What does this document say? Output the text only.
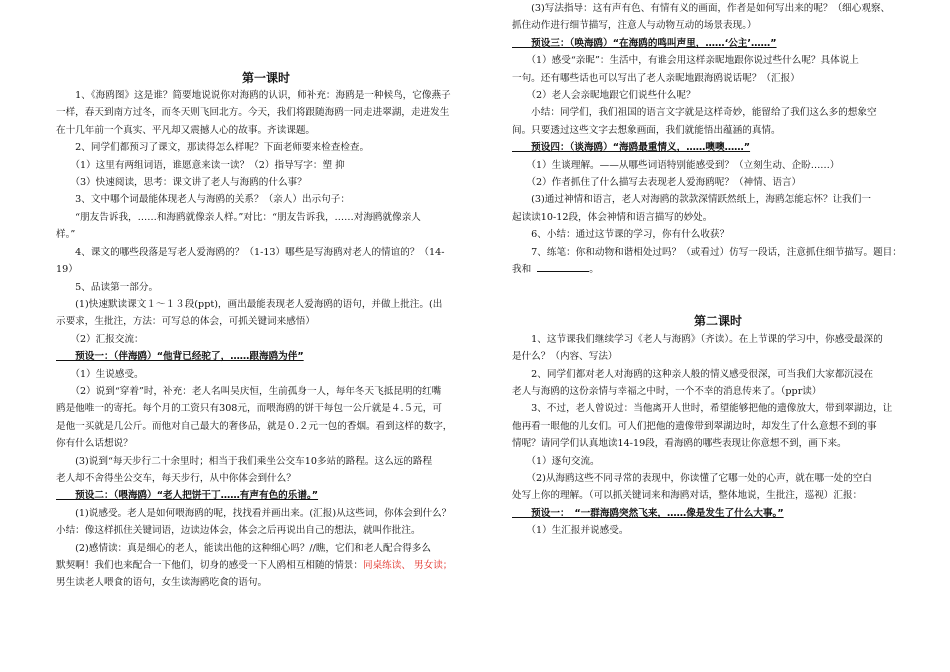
第一课时

　　1、《海鸥图》这是谁？简要地说说你对海鸥的认识，师补充：海鸥是一种候鸟，它像燕子

一样，春天到南方过冬，而冬天则飞回北方。今天，我们将跟随海鸥一同走进翠湖，走进发生

在十几年前一个真实、平凡却又震撼人心的故事。齐读课题。

　　2、同学们都预习了课文，那读得怎么样呢？下面老师要来检查检查。

　　（1）这里有两组词语，谁愿意来读一读？（2）指导写字：塑 抑

　　（3）快速阅读，思考：课文讲了老人与海鸥的什么事？

　　3、文中哪个词最能体现老人与海鸥的关系？（亲人）出示句子：

　　“朋友告诉我，……和海鸥就像亲人样。”对比：“朋友告诉我，……对海鸥就像亲人

样。”

　　4、课文的哪些段落是写老人爱海鸥的？（1-13）哪些是写海鸥对老人的情谊的？（14-

19）

　　5、品读第一部分。

　　(1)快速默读课文１～１３段(ppt)，画出最能表现老人爱海鸥的语句，并做上批注。(出

示要求，生批注，方法：可写总的体会，可抓关键词来感悟）

　　（2）汇报交流：

　　预设一：（伴海鸥）“他背已经驼了，……跟海鸥为伴”

　　（1）生说感受。

　　（2）说到“穿着”时，补充：老人名叫吴庆恒，生前孤身一人，每年冬天飞抵昆明的红嘴

鸥是他唯一的寄托。每个月的工资只有308元，而喂海鸥的饼干每包一公斤就是４.５元，可

是他一买就是几公斤。而他对自己最大的奢侈品，就是０.２元一包的香烟。看到这样的数字，

你有什么话想说？

　　(3)说到“每天步行二十余里时；相当于我们乘坐公交车10多站的路程。这么远的路程

老人却不舍得坐公交车，每天步行，从中你体会到什么？

　　预设二：（喂海鸥）“老人把饼干丁……有声有色的乐谱。”

　　(1)说感受。老人是如何喂海鸥的呢，找找看并画出来。(汇报)从这些词，你体会到什么？

小结：像这样抓住关键词语，边读边体会，体会之后再说出自己的想法，就叫作批注。

　　(2)感情读：真是细心的老人，能读出他的这种细心吗？//瞧，它们和老人配合得多么

默契啊！我们也来配合一下他们，切身的感受一下人鸥相互相随的情景：同桌练读、 男女读；

男生读老人喂食的语句，女生读海鸥吃食的语句。

　　(3)写法指导：这有声有色、有情有义的画面，作者是如何写出来的呢？（细心观察、

抓住动作进行细节描写，注意人与动物互动的场景表现。）

　　预设三：（唤海鸥）“在海鸥的鸣叫声里，……‘公主’……”

　　（1）感受“亲昵”：生活中，有谁会用这样亲昵地跟你说过些什么呢？具体说上

一句。还有哪些话也可以写出了老人亲昵地跟海鸥说话呢？（汇报）

　　（2）老人会亲昵地跟它们说些什么呢？

　　小结：同学们，我们祖国的语言文字就是这样奇妙，能留给了我们这么多的想象空

间。只要透过这些文字去想象画面，我们就能悟出蕴涵的真情。

　　预设四：（谈海鸥）“海鸥最重情义，……噢噢……”

　　（1）生谈理解。——从哪些词语特别能感受到？（立刻生动、企盼……）

　　（2）作者抓住了什么描写去表现老人爱海鸥呢？（神情、语言）

　　(3)通过神情和语言，老人对海鸥的款款深情跃然纸上，海鸥怎能忘怀？让我们一

起读读10-12段，体会神情和语言描写的妙处。

　　6、小结：通过这节课的学习，你有什么收获？

　　7、练笔：你和动物和谐相处过吗？（或看过）仿写一段话，注意抓住细节描写。题目：

我和	。

第二课时

　　1、这节课我们继续学习《老人与海鸥》（齐读）。在上节课的学习中，你感受最深的

是什么？（内容、写法）

　　2、同学们都对老人对海鸥的这种亲人般的情义感受很深，可当我们大家都沉浸在

老人与海鸥的这份亲情与幸福之中时，一个不幸的消息传来了。（ppr读）

　　3、不过，老人曾说过：当他离开人世时，希望能够把他的遗像放大，带到翠湖边，让

他再看一眼他的儿女们。可人们把他的遗像带到翠湖边时，却发生了什么意想不到的事

情呢？请同学们认真地读14-19段，看海鸥的哪些表现让你意想不到，画下来。

　　（1）逐句交流。

　　（2)从海鸥这些不同寻常的表现中，你读懂了它哪一处的心声，就在哪一处的空白

处写上你的理解。（可以抓关键词来和海鸥对话，整体地说，生批注，巡视）汇报：

　　预设一：　“一群海鸥突然飞来，……像是发生了什么大事。”

　　（1）生汇报并说感受。
